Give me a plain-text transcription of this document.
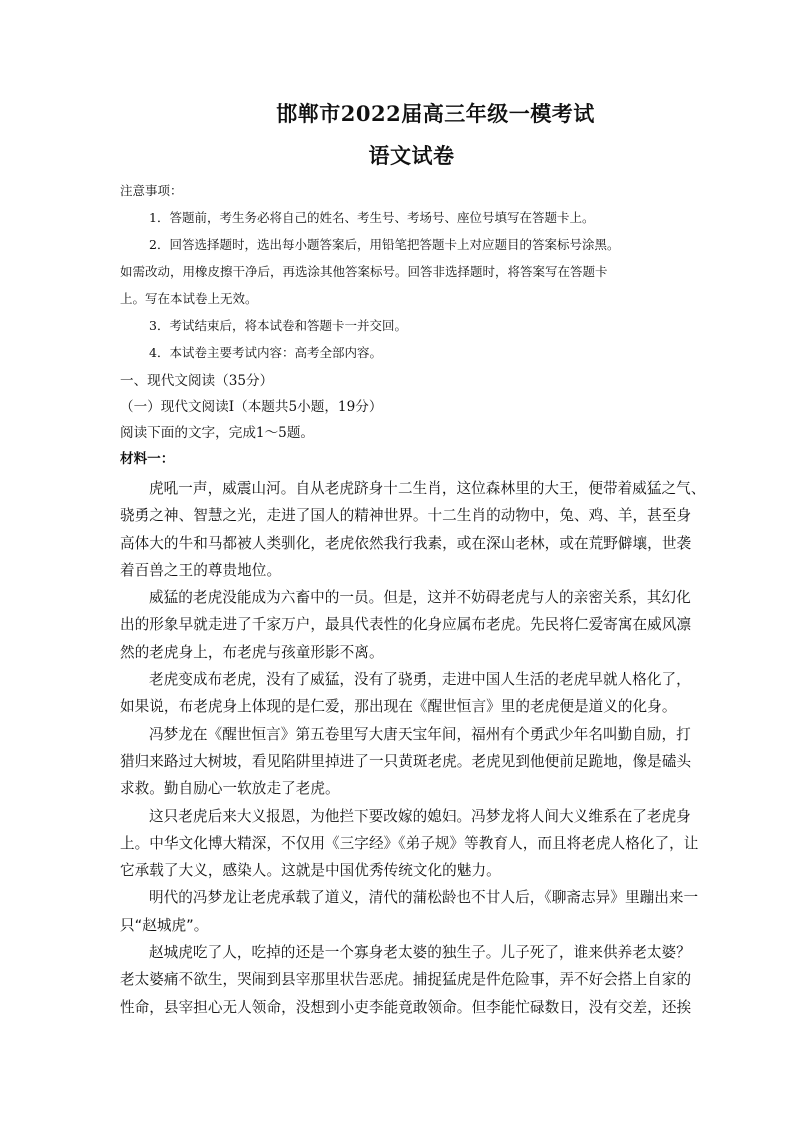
邯郸市2022届高三年级一模考试
语文试卷
注意事项：
1．答题前，考生务必将自己的姓名、考生号、考场号、座位号填写在答题卡上。
2．回答选择题时，选出每小题答案后，用铅笔把答题卡上对应题目的答案标号涂黑。
如需改动，用橡皮擦干净后，再选涂其他答案标号。回答非选择题时，将答案写在答题卡
上。写在本试卷上无效。
3．考试结束后，将本试卷和答题卡一并交回。
4．本试卷主要考试内容：高考全部内容。
一、现代文阅读（35分）
（一）现代文阅读Ⅰ（本题共5小题，19分）
阅读下面的文字，完成1～5题。
材料一：
虎吼一声，威震山河。自从老虎跻身十二生肖，这位森林里的大王，便带着威猛之气、
骁勇之神、智慧之光，走进了国人的精神世界。十二生肖的动物中，兔、鸡、羊，甚至身
高体大的牛和马都被人类驯化，老虎依然我行我素，或在深山老林，或在荒野僻壤，世袭
着百兽之王的尊贵地位。
威猛的老虎没能成为六畜中的一员。但是，这并不妨碍老虎与人的亲密关系，其幻化
出的形象早就走进了千家万户，最具代表性的化身应属布老虎。先民将仁爱寄寓在威风凛
然的老虎身上，布老虎与孩童形影不离。
老虎变成布老虎，没有了威猛，没有了骁勇，走进中国人生活的老虎早就人格化了，
如果说，布老虎身上体现的是仁爱，那出现在《醒世恒言》里的老虎便是道义的化身。
冯梦龙在《醒世恒言》第五卷里写大唐天宝年间，福州有个勇武少年名叫勤自励，打
猎归来路过大树坡，看见陷阱里掉进了一只黄斑老虎。老虎见到他便前足跪地，像是磕头
求救。勤自励心一软放走了老虎。
这只老虎后来大义报恩，为他拦下要改嫁的媳妇。冯梦龙将人间大义维系在了老虎身
上。中华文化博大精深，不仅用《三字经》《弟子规》等教育人，而且将老虎人格化了，让
它承载了大义，感染人。这就是中国优秀传统文化的魅力。
明代的冯梦龙让老虎承载了道义，清代的蒲松龄也不甘人后，《聊斋志异》里蹦出来一
只“赵城虎”。
赵城虎吃了人，吃掉的还是一个寡身老太婆的独生子。儿子死了，谁来供养老太婆？
老太婆痛不欲生，哭闹到县宰那里状告恶虎。捕捉猛虎是件危险事，弄不好会搭上自家的
性命，县宰担心无人领命，没想到小吏李能竟敢领命。但李能忙碌数日，没有交差，还挨
